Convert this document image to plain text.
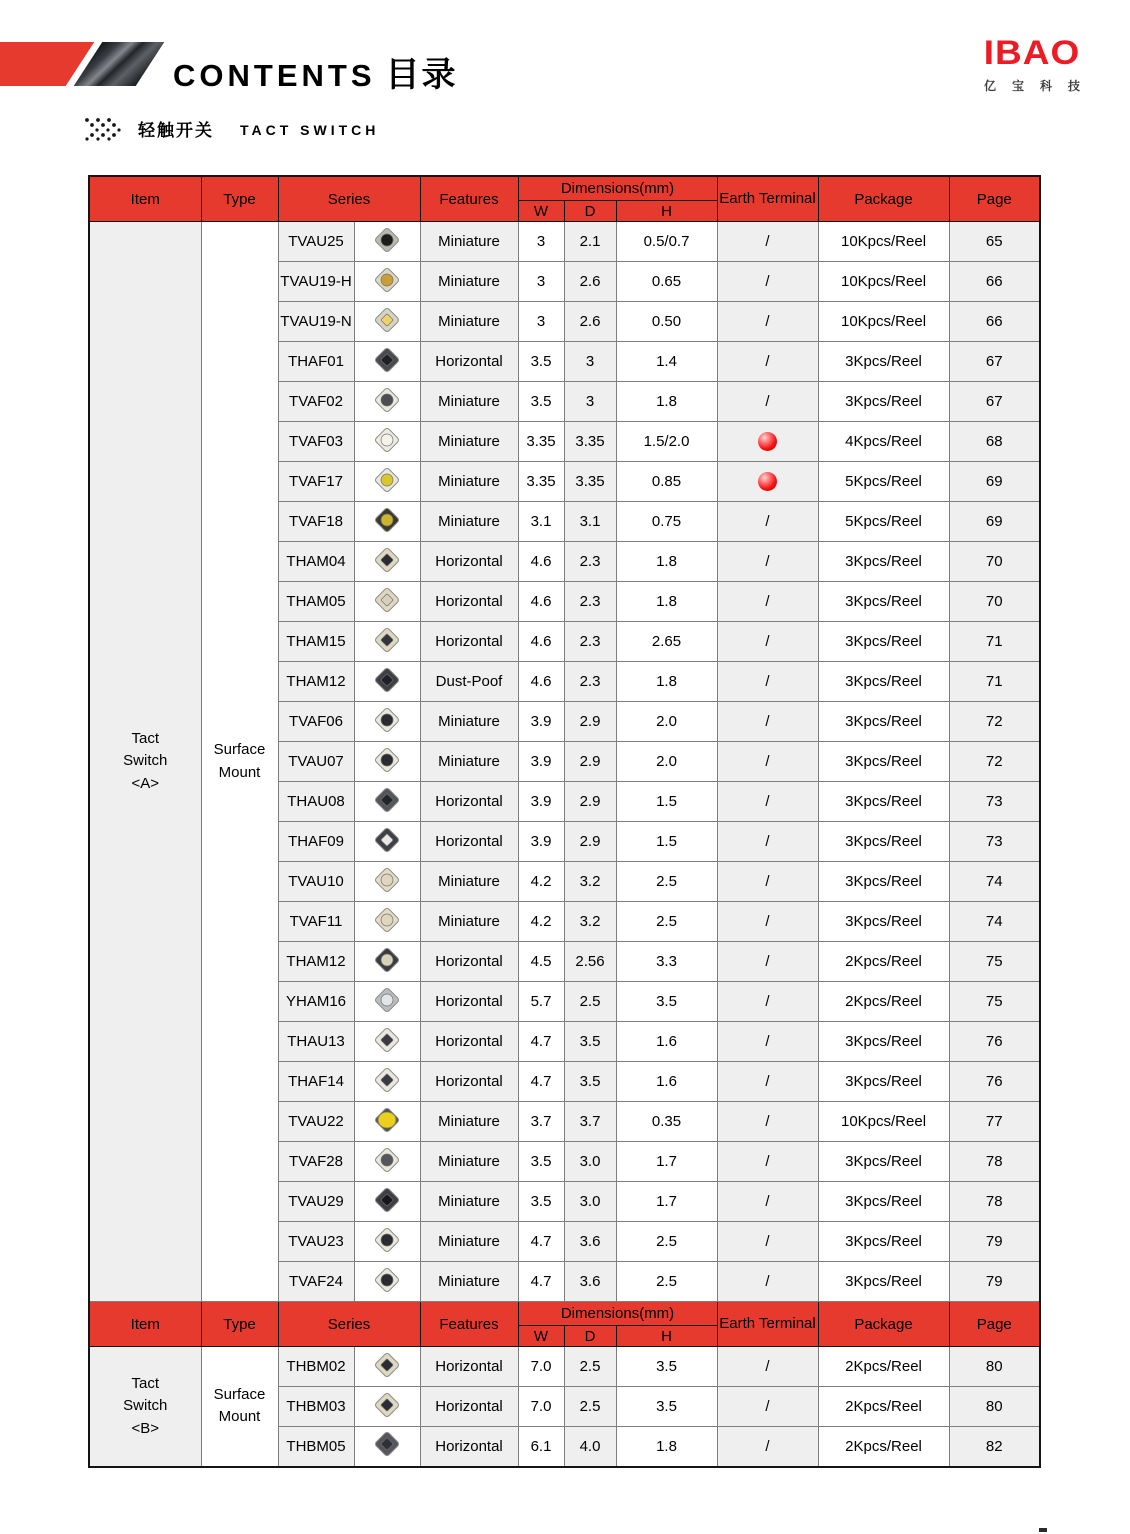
CONTENTS 目录
IBAO
亿 宝 科 技
轻触开关 TACT SWITCH
Item	Type	Series		Features	Dimensions(mm)			Earth Terminal	Package	Page
					W	D	H			

Tact
Switch
<A>

Surface
Mount
	TVAU25		Miniature	3	2.1	0.5/0.7	/	10Kpcs/Reel	65
		TVAU19-H		Miniature	3	2.6	0.65	/	10Kpcs/Reel	66
		TVAU19-N		Miniature	3	2.6	0.50	/	10Kpcs/Reel	66
		THAF01		Horizontal	3.5	3	1.4	/	3Kpcs/Reel	67
		TVAF02		Miniature	3.5	3	1.8	/	3Kpcs/Reel	67
		TVAF03		Miniature	3.35	3.35	1.5/2.0		4Kpcs/Reel	68
		TVAF17		Miniature	3.35	3.35	0.85		5Kpcs/Reel	69
		TVAF18		Miniature	3.1	3.1	0.75	/	5Kpcs/Reel	69
		THAM04		Horizontal	4.6	2.3	1.8	/	3Kpcs/Reel	70
		THAM05		Horizontal	4.6	2.3	1.8	/	3Kpcs/Reel	70
		THAM15		Horizontal	4.6	2.3	2.65	/	3Kpcs/Reel	71
		THAM12		Dust-Poof	4.6	2.3	1.8	/	3Kpcs/Reel	71
		TVAF06		Miniature	3.9	2.9	2.0	/	3Kpcs/Reel	72
		TVAU07		Miniature	3.9	2.9	2.0	/	3Kpcs/Reel	72
		THAU08		Horizontal	3.9	2.9	1.5	/	3Kpcs/Reel	73
		THAF09		Horizontal	3.9	2.9	1.5	/	3Kpcs/Reel	73
		TVAU10		Miniature	4.2	3.2	2.5	/	3Kpcs/Reel	74
		TVAF11		Miniature	4.2	3.2	2.5	/	3Kpcs/Reel	74
		THAM12		Horizontal	4.5	2.56	3.3	/	2Kpcs/Reel	75
		YHAM16		Horizontal	5.7	2.5	3.5	/	2Kpcs/Reel	75
		THAU13		Horizontal	4.7	3.5	1.6	/	3Kpcs/Reel	76
		THAF14		Horizontal	4.7	3.5	1.6	/	3Kpcs/Reel	76
		TVAU22		Miniature	3.7	3.7	0.35	/	10Kpcs/Reel	77
		TVAF28		Miniature	3.5	3.0	1.7	/	3Kpcs/Reel	78
		TVAU29		Miniature	3.5	3.0	1.7	/	3Kpcs/Reel	78
		TVAU23		Miniature	4.7	3.6	2.5	/	3Kpcs/Reel	79
		TVAF24		Miniature	4.7	3.6	2.5	/	3Kpcs/Reel	79
Item	Type	Series		Features	Dimensions(mm)			Earth Terminal	Package	Page
					W	D	H			

Tact
Switch
<B>

Surface
Mount
	THBM02		Horizontal	7.0	2.5	3.5	/	2Kpcs/Reel	80
		THBM03		Horizontal	7.0	2.5	3.5	/	2Kpcs/Reel	80
		THBM05		Horizontal	6.1	4.0	1.8	/	2Kpcs/Reel	82
